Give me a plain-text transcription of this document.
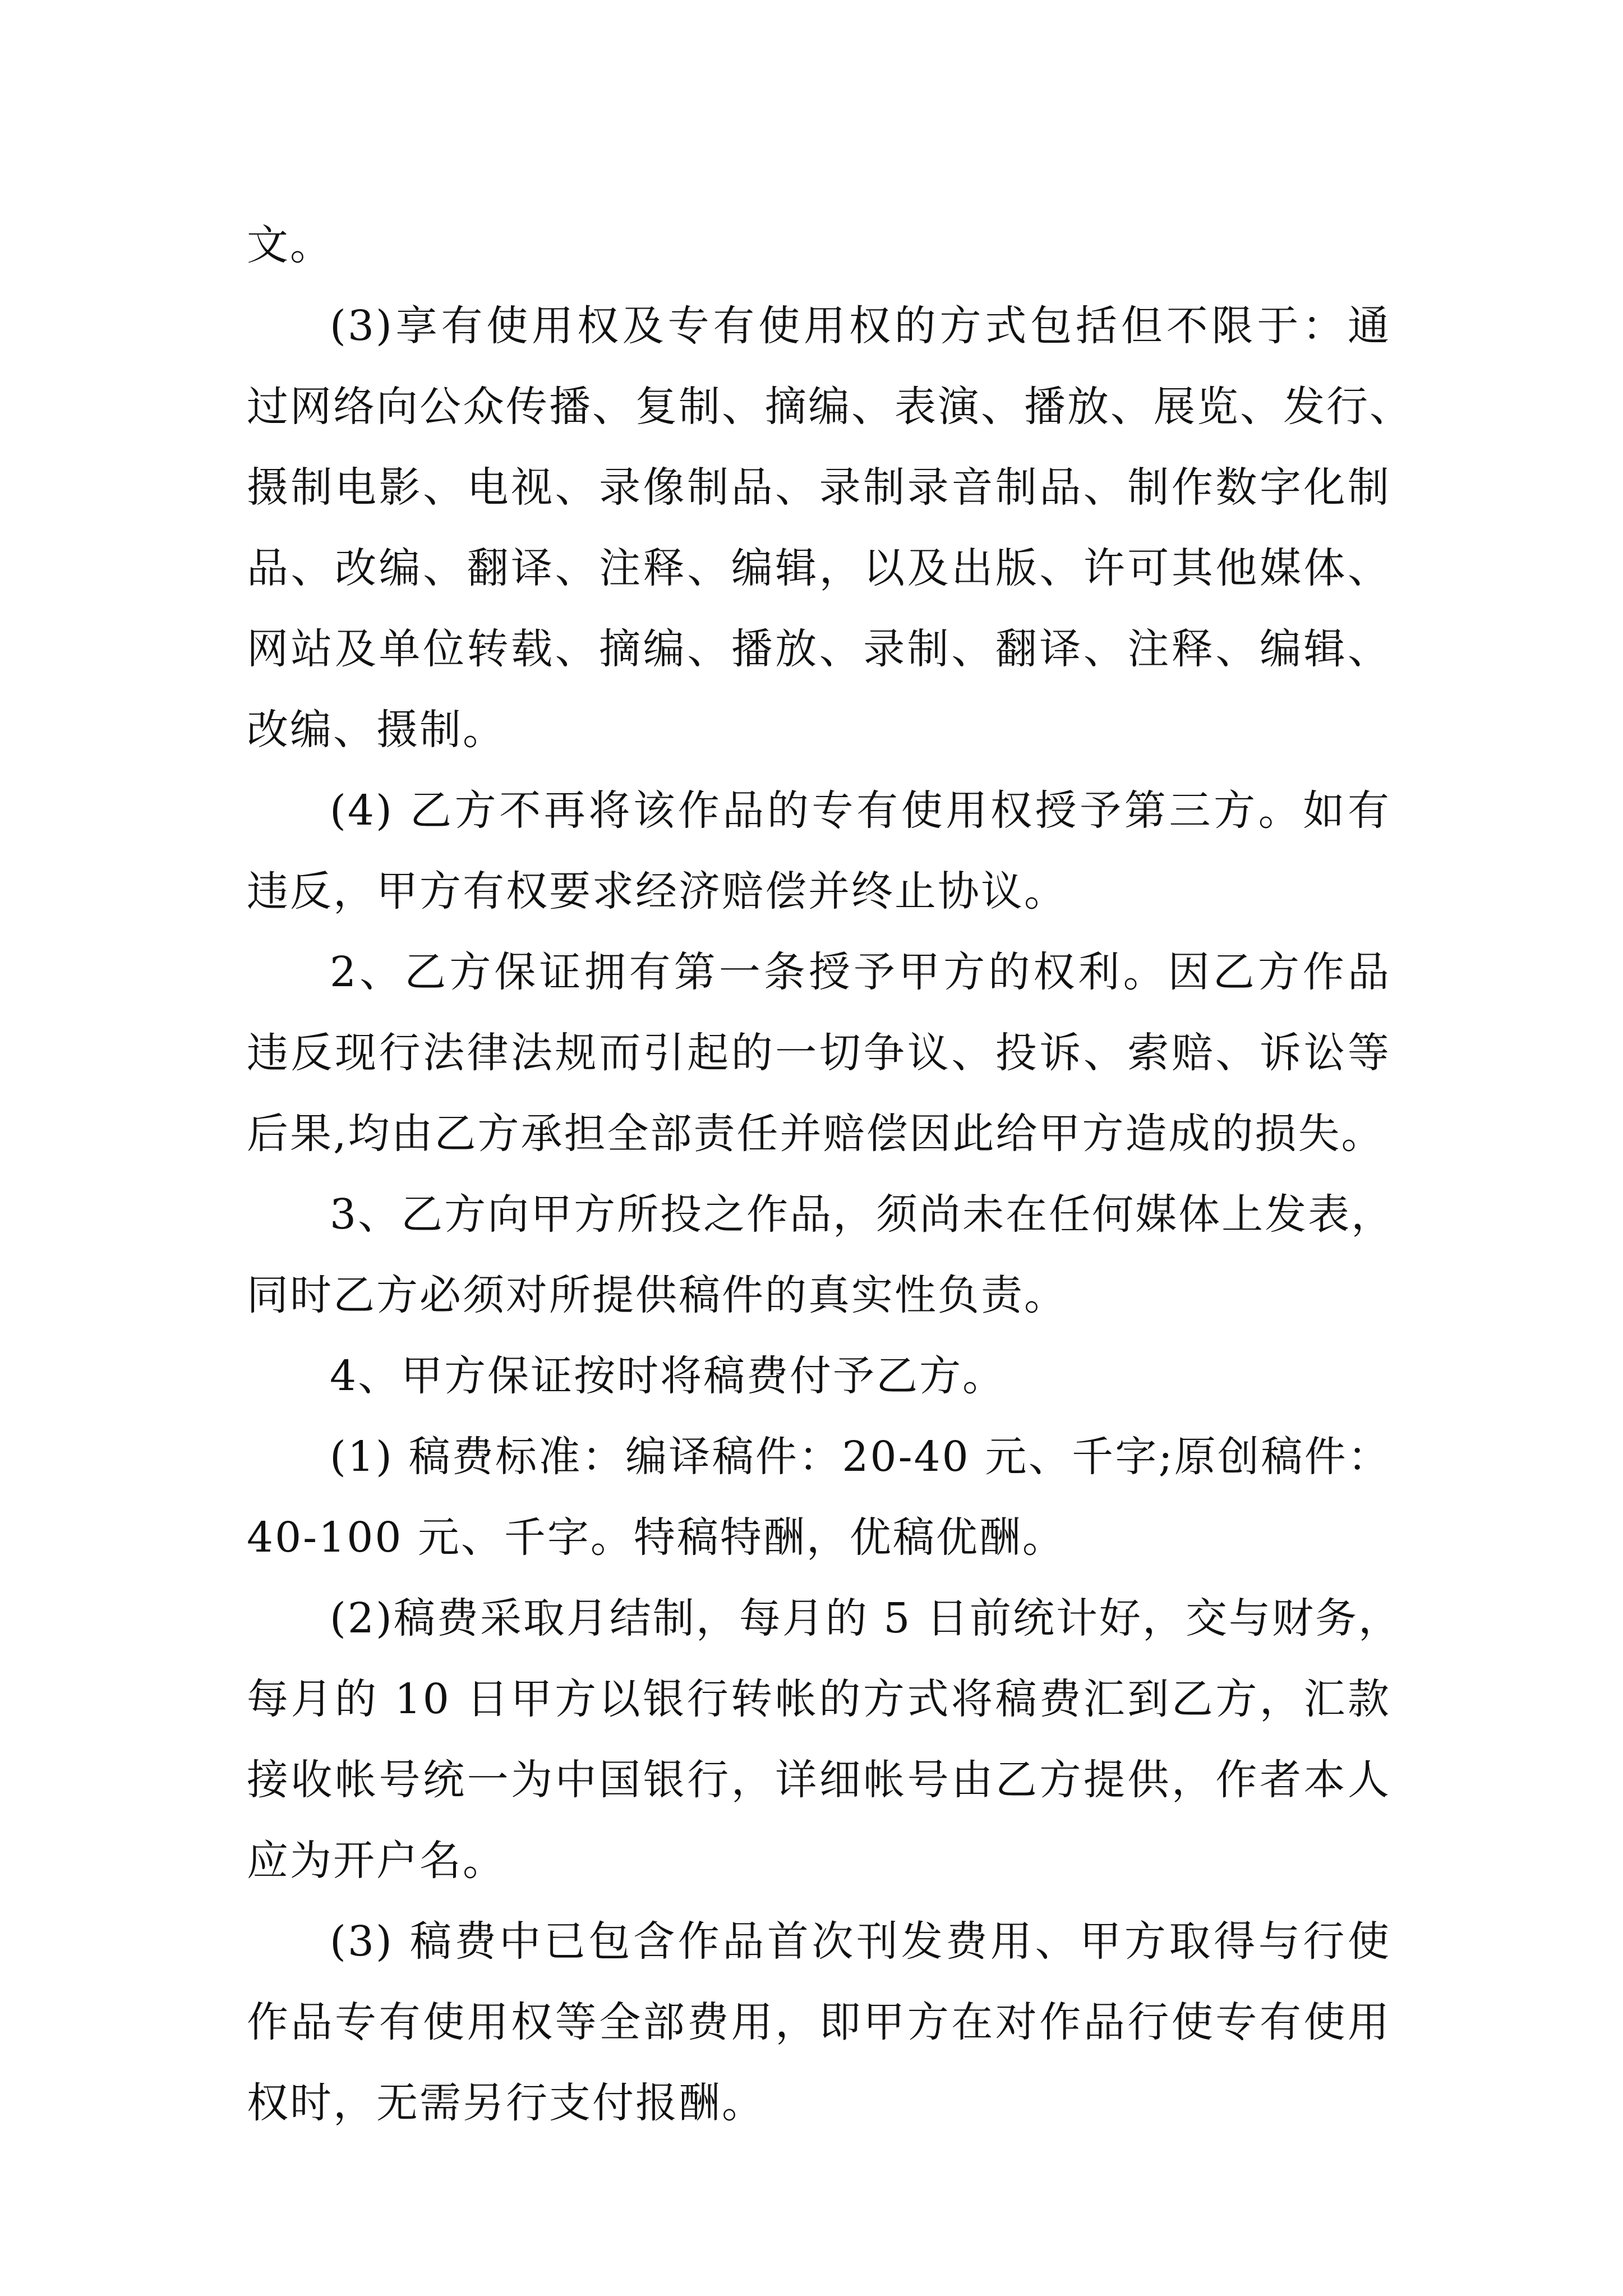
文。
(3)享有使用权及专有使用权的方式包括但不限于：通
过网络向公众传播、复制、摘编、表演、播放、展览、发行、
摄制电影、电视、录像制品、录制录音制品、制作数字化制
品、改编、翻译、注释、编辑，以及出版、许可其他媒体、
网站及单位转载、摘编、播放、录制、翻译、注释、编辑、
改编、摄制。
(4) 乙方不再将该作品的专有使用权授予第三方。如有
违反，甲方有权要求经济赔偿并终止协议。
2、乙方保证拥有第一条授予甲方的权利。因乙方作品
违反现行法律法规而引起的一切争议、投诉、索赔、诉讼等
后果,均由乙方承担全部责任并赔偿因此给甲方造成的损失。
3、乙方向甲方所投之作品，须尚未在任何媒体上发表，
同时乙方必须对所提供稿件的真实性负责。
4、甲方保证按时将稿费付予乙方。
(1) 稿费标准：编译稿件：20-40 元、千字;原创稿件：
40-100 元、千字。特稿特酬，优稿优酬。
(2)稿费采取月结制，每月的 5 日前统计好，交与财务，
每月的 10 日甲方以银行转帐的方式将稿费汇到乙方，汇款
接收帐号统一为中国银行，详细帐号由乙方提供，作者本人
应为开户名。
(3) 稿费中已包含作品首次刊发费用、甲方取得与行使
作品专有使用权等全部费用，即甲方在对作品行使专有使用
权时，无需另行支付报酬。
